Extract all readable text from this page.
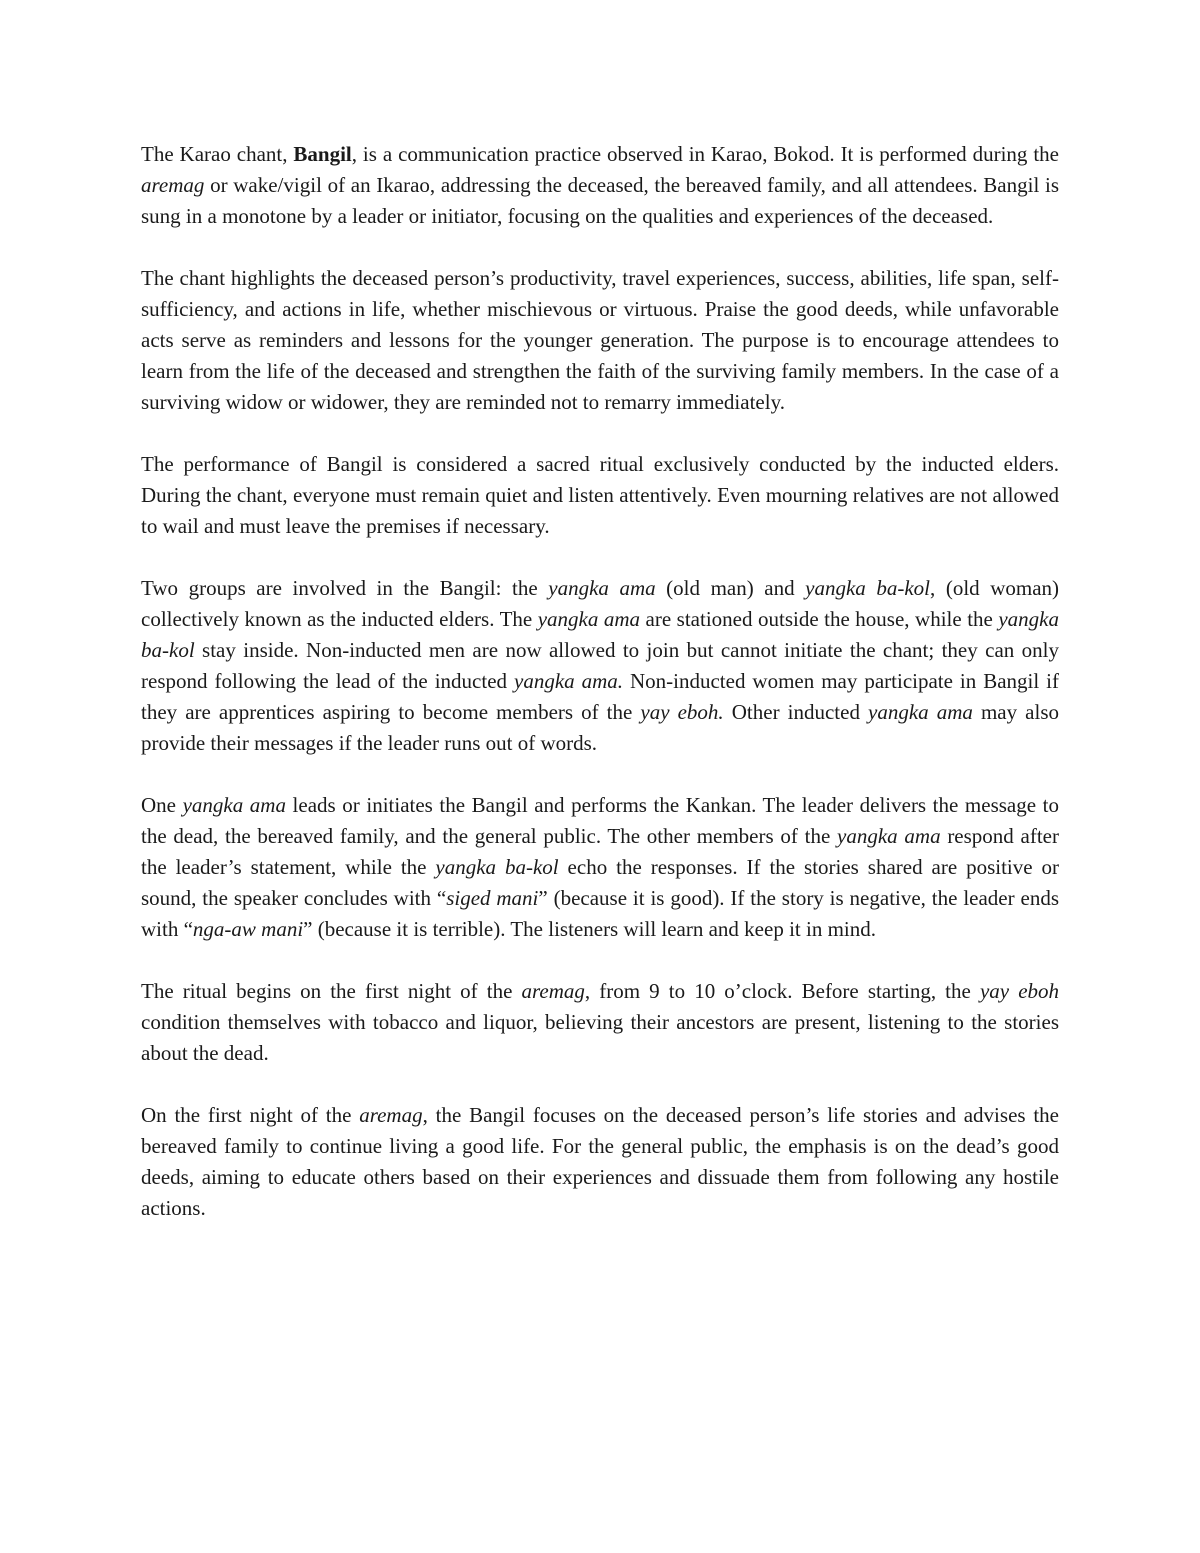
The Karao chant, Bangil, is a communication practice observed in Karao, Bokod. It is performed during the aremag or wake/vigil of an Ikarao, addressing the deceased, the bereaved family, and all attendees. Bangil is sung in a monotone by a leader or initiator, focusing on the qualities and experiences of the deceased.

The chant highlights the deceased person’s productivity, travel experiences, success, abilities, life span, self-sufficiency, and actions in life, whether mischievous or virtuous. Praise the good deeds, while unfavorable acts serve as reminders and lessons for the younger generation. The purpose is to encourage attendees to learn from the life of the deceased and strengthen the faith of the surviving family members. In the case of a surviving widow or widower, they are reminded not to remarry immediately.

The performance of Bangil is considered a sacred ritual exclusively conducted by the inducted elders. During the chant, everyone must remain quiet and listen attentively. Even mourning relatives are not allowed to wail and must leave the premises if necessary.

Two groups are involved in the Bangil: the yangka ama (old man) and yangka ba-kol, (old woman) collectively known as the inducted elders. The yangka ama are stationed outside the house, while the yangka ba-kol stay inside. Non-inducted men are now allowed to join but cannot initiate the chant; they can only respond following the lead of the inducted yangka ama. Non-inducted women may participate in Bangil if they are apprentices aspiring to become members of the yay eboh. Other inducted yangka ama may also provide their messages if the leader runs out of words.

One yangka ama leads or initiates the Bangil and performs the Kankan. The leader delivers the message to the dead, the bereaved family, and the general public. The other members of the yangka ama respond after the leader’s statement, while the yangka ba-kol echo the responses. If the stories shared are positive or sound, the speaker concludes with “siged mani” (because it is good). If the story is negative, the leader ends with “nga-aw mani” (because it is terrible). The listeners will learn and keep it in mind.

The ritual begins on the first night of the aremag, from 9 to 10 o’clock. Before starting, the yay eboh condition themselves with tobacco and liquor, believing their ancestors are present, listening to the stories about the dead.

On the first night of the aremag, the Bangil focuses on the deceased person’s life stories and advises the bereaved family to continue living a good life. For the general public, the emphasis is on the dead’s good deeds, aiming to educate others based on their experiences and dissuade them from following any hostile actions.
